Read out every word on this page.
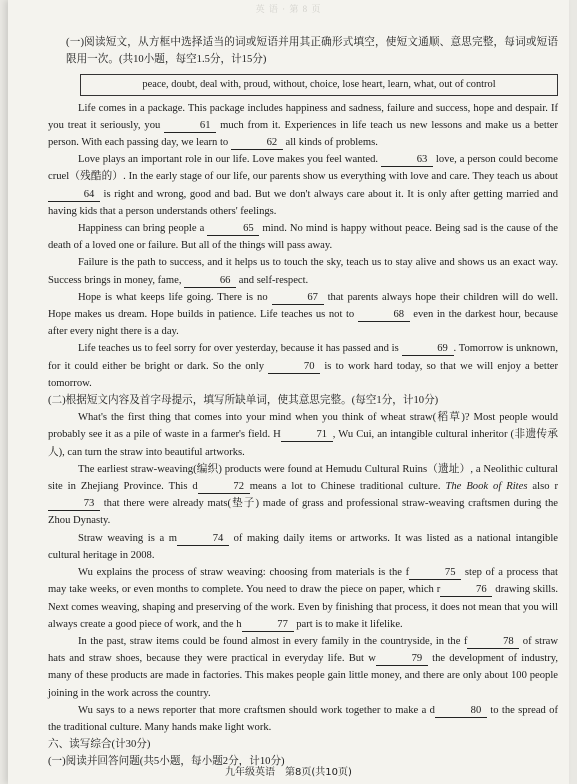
英 语 · 第 8 页

(一)阅读短文，从方框中选择适当的词或短语并用其正确形式填空，使短文通顺、意思完整，每词或短语限用一次。(共10小题，每空1.5分，计15分)

peace, doubt, deal with, proud, without, choice, lose heart, learn, what, out of control

Life comes in a package. This package includes happiness and sadness, failure and success, hope and despair. If you treat it seriously, you	61 much from it. Experiences in life teach us new lessons and make us a better person. With each passing day, we learn to	62 all kinds of problems.

Love plays an important role in our life. Love makes you feel wanted.	63 love, a person could become cruel（残酷的）. In the early stage of our life, our parents show us everything with love and care. They teach us about 64 is right and wrong, good and bad. But we don't always care about it. It is only after getting married and having kids that a person understands others' feelings.

Happiness can bring people a	65 mind. No mind is happy without peace. Being sad is the cause of the death of a loved one or failure. But all of the things will pass away.

Failure is the path to success, and it helps us to touch the sky, teach us to stay alive and shows us an exact way. Success brings in money, fame,	66 and self-respect.

Hope is what keeps life going. There is no	67 that parents always hope their children will do well. Hope makes us dream. Hope builds in patience. Life teaches us not to	68 even in the darkest hour, because after every night there is a day.

Life teaches us to feel sorry for over yesterday, because it has passed and is	69 . Tomorrow is unknown, for it could either be bright or dark. So the only	70 is to work hard today, so that we will enjoy a better tomorrow.

(二)根据短文内容及首字母提示，填写所缺单词，使其意思完整。(每空1分，计10分)

What's the first thing that comes into your mind when you think of wheat straw(稻草)? Most people would probably see it as a pile of waste in a farmer's field. H	71 , Wu Cui, an intangible cultural inheritor (非遗传承人), can turn the straw into beautiful artworks.

The earliest straw-weaving(编织) products were found at Hemudu Cultural Ruins（遗址）, a Neolithic cultural site in Zhejiang Province. This d	72 means a lot to Chinese traditional culture. The Book of Rites also r73 that there were already mats(垫子) made of grass and professional straw-weaving craftsmen during the Zhou Dynasty.

Straw weaving is a m	74 of making daily items or artworks. It was listed as a national intangible cultural heritage in 2008.

Wu explains the process of straw weaving: choosing from materials is the f	75 step of a process that may take weeks, or even months to complete. You need to draw the piece on paper, which r	76 drawing skills. Next comes weaving, shaping and preserving of the work. Even by finishing that process, it does not mean that you will always create a good piece of work, and the h	77 part is to make it lifelike.

In the past, straw items could be found almost in every family in the countryside, in the f	78 of straw hats and straw shoes, because they were practical in everyday life. But w	79 the development of industry, many of these products are made in factories. This makes people gain little money, and there are only about 100 people joining in the work across the country.

Wu says to a news reporter that more craftsmen should work together to make a d	80 to the spread of the traditional culture. Many hands make light work.

六、读写综合(计30分)

(一)阅读并回答问题(共5小题，每小题2分，计10分)

九年级英语　第8页(共10页)
